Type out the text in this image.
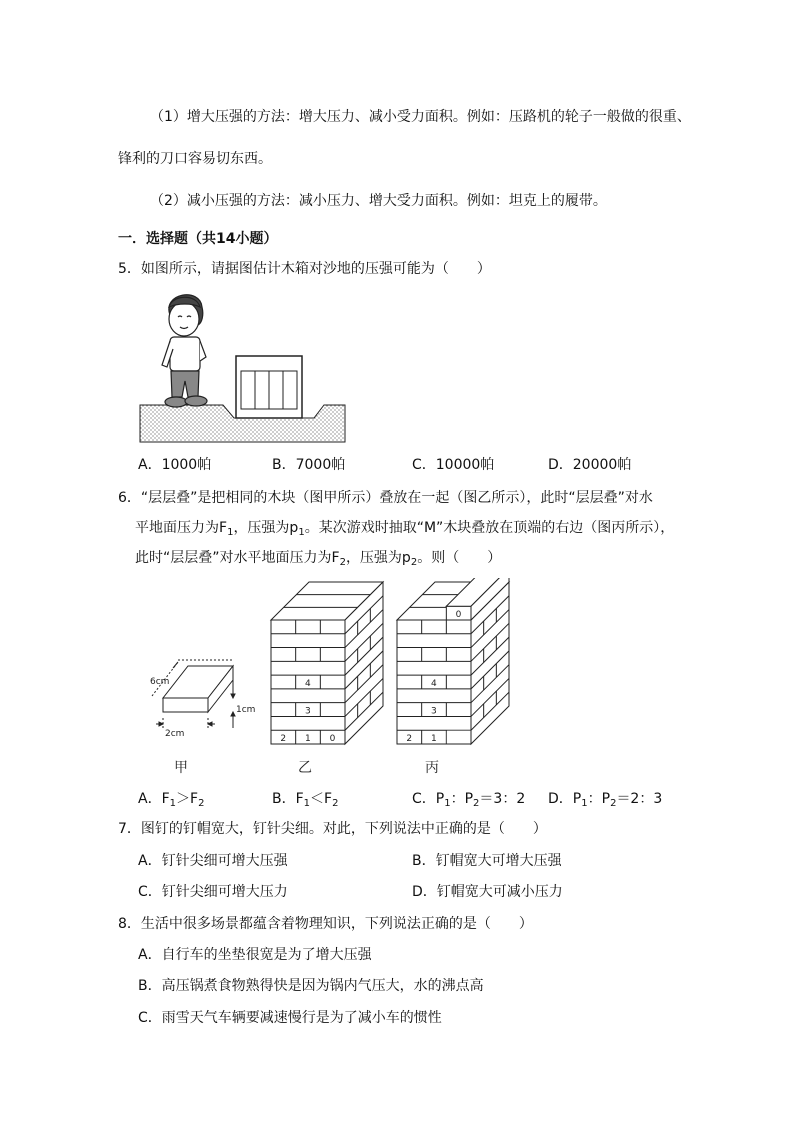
（1）增大压强的方法：增大压力、减小受力面积。例如：压路机的轮子一般做的很重、
锋利的刀口容易切东西。
（2）减小压强的方法：减小压力、增大受力面积。例如：坦克上的履带。
一．选择题（共14小题）
5．如图所示，请据图估计木箱对沙地的压强可能为（　　）
A．1000帕	B．7000帕	C．10000帕	D．20000帕
6．“层层叠”是把相同的木块（图甲所示）叠放在一起（图乙所示），此时“层层叠”对水
平地面压力为$F_1$，压强为$p_1$。某次游戏时抽取“M”木块叠放在顶端的右边（图丙所示），
此时“层层叠”对水平地面压力为$F_2$，压强为$p_2$。则（　　）
6cm
2cm
1cm
4
3
2 1 0
0
4
3
2 1
甲	乙	丙
A．$F_1>F_2$	B．$F_1<F_2$	C．$P_1$：$P_2=3$：2 D．$P_1$：$P_2=2$：3
7．图钉的钉帽宽大，钉针尖细。对此，下列说法中正确的是（　　）
A．钉针尖细可增大压强	B．钉帽宽大可增大压强
C．钉针尖细可增大压力	D．钉帽宽大可减小压力
8．生活中很多场景都蕴含着物理知识，下列说法正确的是（　　）
A．自行车的坐垫很宽是为了增大压强
B．高压锅煮食物熟得快是因为锅内气压大，水的沸点高
C．雨雪天气车辆要减速慢行是为了减小车的惯性
